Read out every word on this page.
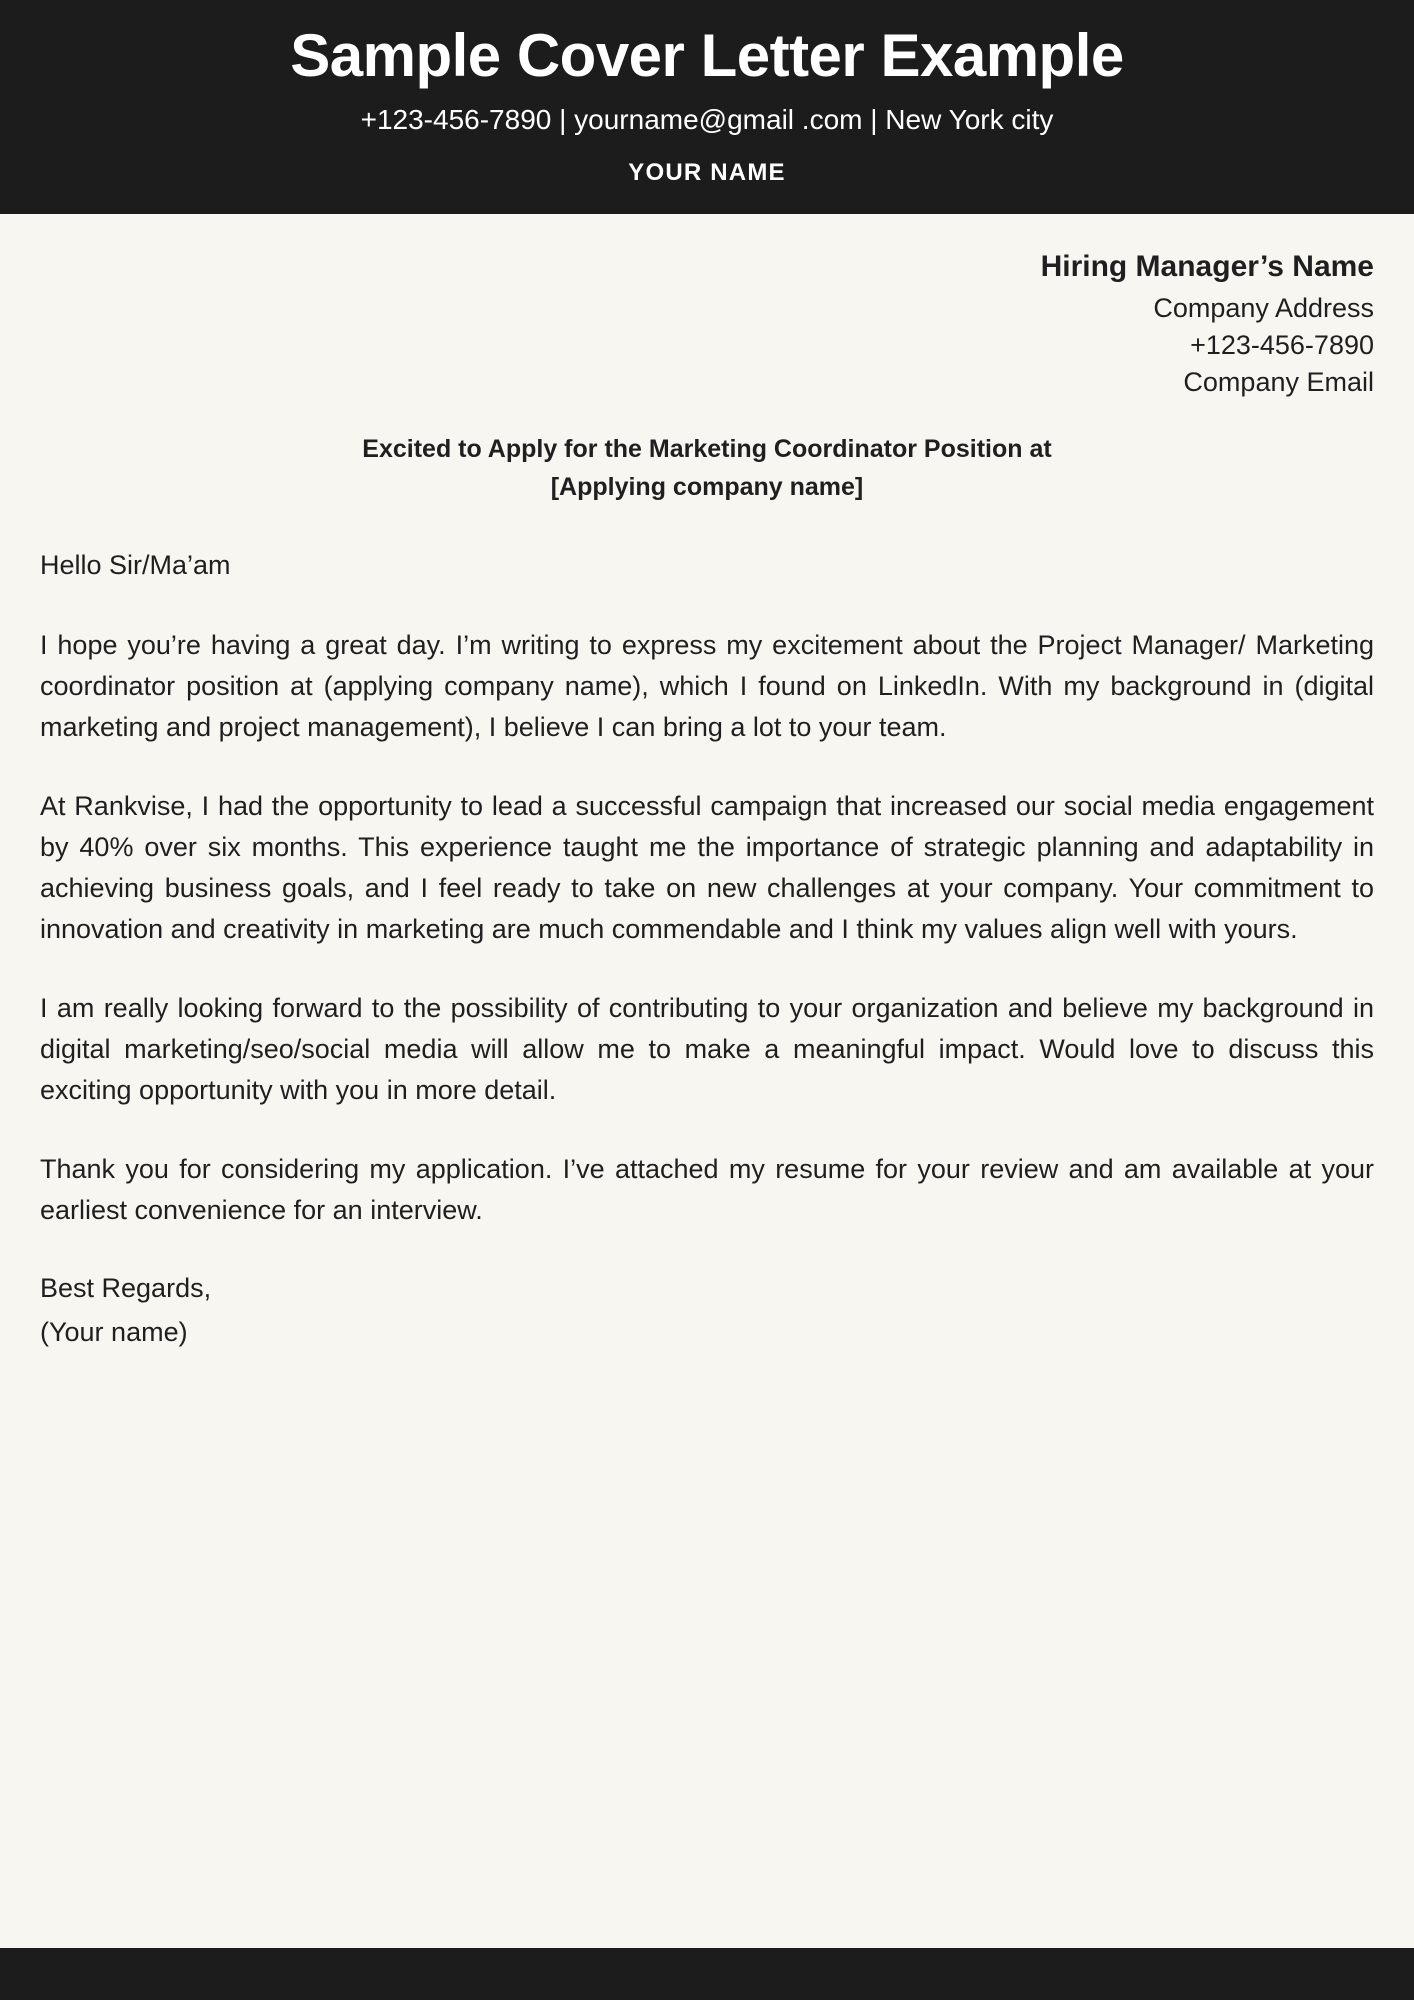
Sample Cover Letter Example
+123-456-7890 | yourname@gmail .com | New York city
YOUR NAME
Hiring Manager’s Name
Company Address
+123-456-7890
Company Email
Excited to Apply for the Marketing Coordinator Position at
[Applying company name]

Hello Sir/Ma’am

I hope you’re having a great day. I’m writing to express my excitement about the Project Manager/ Marketing coordinator position at (applying company name), which I found on LinkedIn. With my background in (digital marketing and project management), I believe I can bring a lot to your team.

At Rankvise, I had the opportunity to lead a successful campaign that increased our social media engagement by 40% over six months. This experience taught me the importance of strategic planning and adaptability in achieving business goals, and I feel ready to take on new challenges at your company. Your commitment to innovation and creativity in marketing are much commendable and I think my values align well with yours.

I am really looking forward to the possibility of contributing to your organization and believe my background in digital marketing/seo/social media will allow me to make a meaningful impact. Would love to discuss this exciting opportunity with you in more detail.

Thank you for considering my application. I’ve attached my resume for your review and am available at your earliest convenience for an interview.

Best Regards,
(Your name)
